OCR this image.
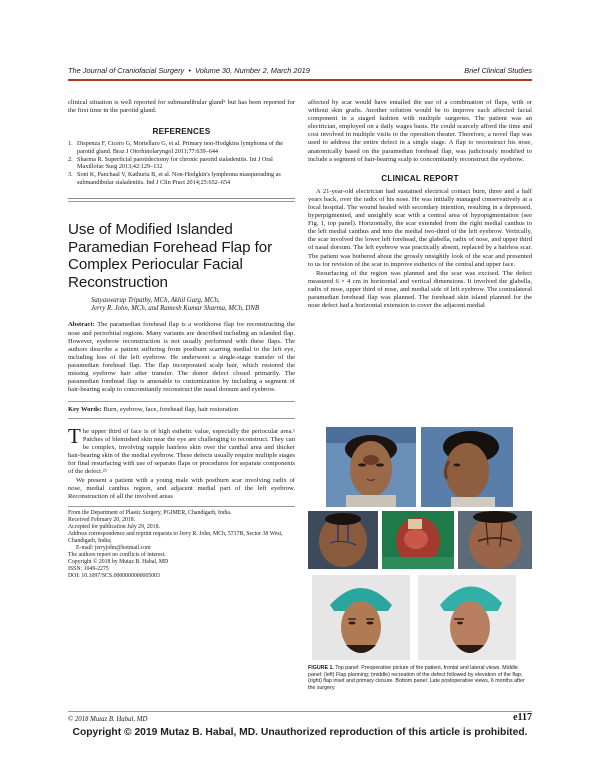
The Journal of Craniofacial Surgery  •  Volume 30, Number 2, March 2019	Brief Clinical Studies

clinical situation is well reported for submandibular gland⁵ but has been reported for the first time in the parotid gland.

REFERENCES
1. Dispenza F, Cicero G, Mortellaro G, et al. Primary non-Hodgkins lymphoma of the parotid gland. Braz J Otorhinolaryngol 2011;77:639–644
2. Sharma R. Superficial parotidectomy for chronic parotid sialadenitis. Int J Oral Maxillofac Surg 2013;42:129–132
3. Soni K, Panchaal V, Kathuria B, et al. Non-Hodgkin's lymphoma masquerading as submandibular sialadenitis. Ind J Clin Pract 2014;25:652–654
Use of Modified Islanded Paramedian Forehead Flap for Complex Periocular Facial Reconstruction
Satyaswarup Tripathy, MCh, Akhil Garg, MCh,
Jerry R. John, MCh, and Ramesh Kumar Sharma, MCh, DNB

Abstract: The paramedian forehead flap is a workhorse flap for reconstructing the nose and periorbital regions. Many variants are described including an islanded flap. However, eyebrow reconstruction is not usually performed with these flaps. The authors describe a patient suffering from postburn scarring medial to the left eye, including loss of the left eyebrow. He underwent a single-stage transfer of the paramedian forehead flap. The flap incorporated scalp hair, which restored the missing eyebrow hair after transfer. The donor defect closed primarily. The paramedian forehead flap is amenable to customization by including a segment of hair-bearing scalp to concomitantly reconstruct the nasal dorsum and eyebrow.

Key Words: Burn, eyebrow, face, forehead flap, hair restoration

The upper third of face is of high esthetic value, especially the periocular area.¹ Patches of blemished skin near the eye are challenging to reconstruct. They can be complex, involving supple hairless skin over the canthal area and thicker hair-bearing skin of the medial eyebrow. These defects usually require multiple stages for final resurfacing with use of separate flaps or procedures for separate components of the defect.²³

We present a patient with a young male with postburn scar involving radix of nose, medial canthus region, and adjacent medial part of the left eyebrow. Reconstruction of all the involved areas

From the Department of Plastic Surgery, PGIMER, Chandigarh, India.
Received February 20, 2018.
Accepted for publication July 29, 2018.
Address correspondence and reprint requests to Jerry R. John, MCh, 5717B, Sector 38 West, Chandigarh, India;
E-mail: jerryjohn@hotmail.com
The authors report no conflicts of interest.
Copyright © 2018 by Mutaz B. Habal, MD
ISSN: 1049-2275
DOI: 10.1097/SCS.0000000000005003

affected by scar would have entailed the use of a combination of flaps, with or without skin grafts. Another solution would be to improve each affected facial component in a staged fashion with multiple surgeries. The patient was an electrician, employed on a daily wages basis. He could scarcely afford the time and cost involved in multiple visits to the operation theater. Therefore, a novel flap was used to address the entire defect in a single stage. A flap to reconstruct his nose, anatomically based on the paramedian forehead flap, was judiciously modified to include a segment of hair-bearing scalp to concomitantly reconstruct the eyebrow.

CLINICAL REPORT

A 21-year-old electrician had sustained electrical contact burn, three and a half years back, over the radix of his nose. He was initially managed conservatively at a local hospital. The wound healed with secondary intention, resulting in a depressed, hyperpigmented, and unsightly scar with a central area of hypopigmentation (see Fig. 1, top panel). Horizontally, the scar extended from the right medial canthus to the left medial canthus and into the medial two-third of the left eyebrow. Vertically, the scar involved the lower left forehead, the glabella, radix of nose, and upper third of nasal dorsum. The left eyebrow was practically absent, replaced by a hairless scar. The patient was bothered about the grossly unsightly look of the scar and presented to us for revision of the scar to improve esthetics of the central and upper face.

Resurfacing of the region was planned and the scar was excised. The defect measured 6 × 4 cm in horizontal and vertical dimensions. It involved the glabella, radix of nose, upper third of nose, and medial side of left eyebrow. The contralateral paramedian forehead flap was planned. The forehead skin island planned for the nose defect had a horizontal extension to cover the adjacent medial

FIGURE 1. Top panel: Preoperative picture of the patient, frontal and lateral views. Middle panel: (left) Flap planning; (middle) recreation of the defect followed by elevation of the flap; (right) flap inset and primary closure. Bottom panel: Late postoperative views, 6 months after the surgery.

© 2018 Mutaz B. Habal, MD	e117
Copyright © 2019 Mutaz B. Habal, MD. Unauthorized reproduction of this article is prohibited.
